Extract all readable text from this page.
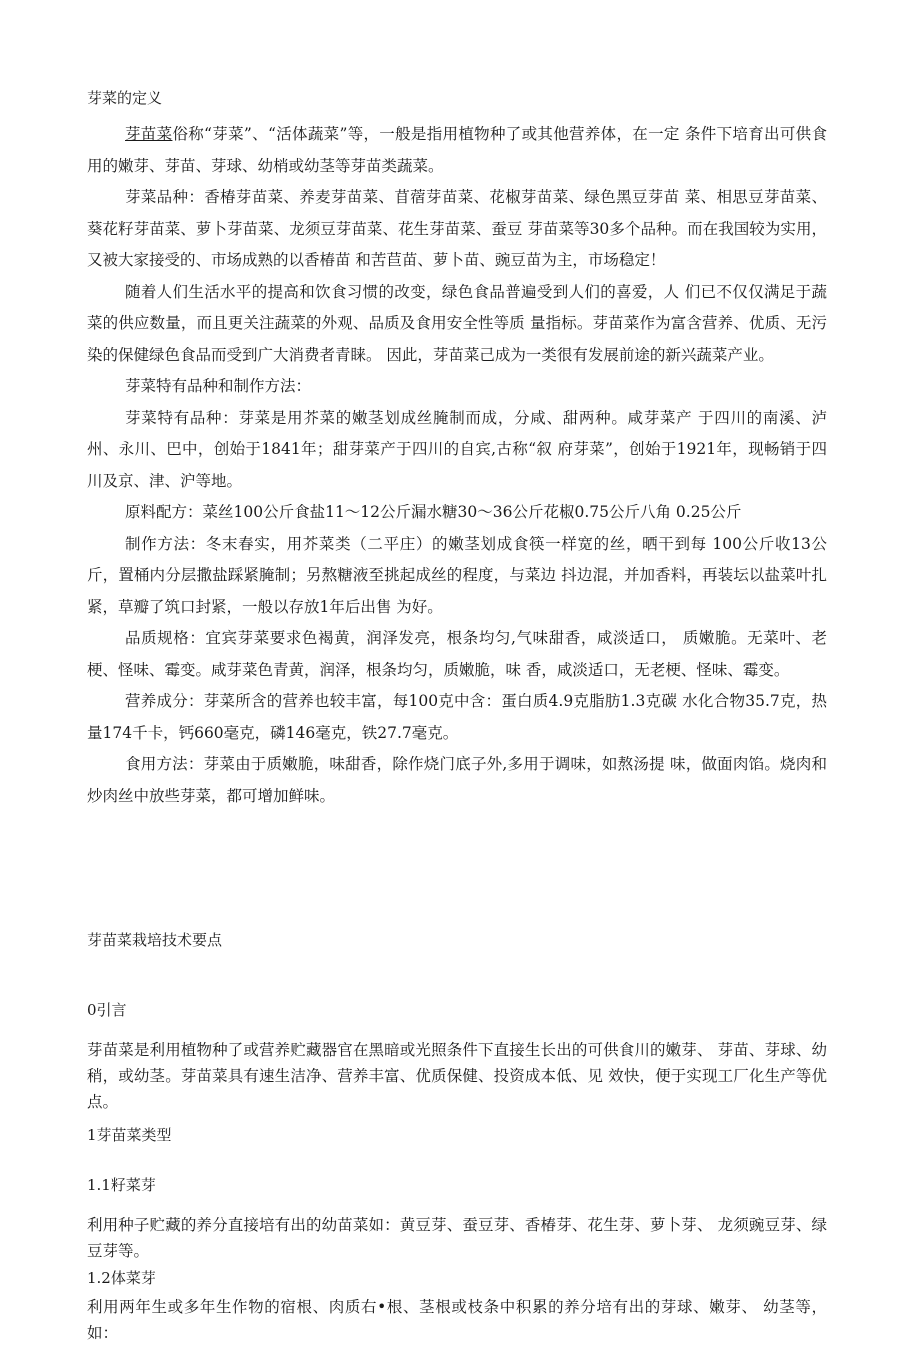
芽菜的定义

芽苗菜俗称“芽菜”、“活体蔬菜”等，一般是指用植物种了或其他营养体，在一定 条件下培育出可供食用的嫩芽、芽苗、芽球、幼梢或幼茎等芽苗类蔬菜。

芽菜品种：香椿芽苗菜、养麦芽苗菜、苜蓿芽苗菜、花椒芽苗菜、绿色黑豆芽苗 菜、相思豆芽苗菜、葵花籽芽苗菜、萝卜芽苗菜、龙须豆芽苗菜、花生芽苗菜、蚕豆 芽苗菜等30多个品种。而在我国较为实用，又被大家接受的、市场成熟的以香椿苗 和苦苣苗、萝卜苗、豌豆苗为主，市场稳定！

随着人们生活水平的提高和饮食习惯的改变，绿色食品普遍受到人们的喜爱，人 们已不仅仅满足于蔬菜的供应数量，而且更关注蔬菜的外观、品质及食用安全性等质 量指标。芽苗菜作为富含营养、优质、无污染的保健绿色食品而受到广大消费者青睐。 因此，芽苗菜己成为一类很有发展前途的新兴蔬菜产业。

芽菜特有品种和制作方法：

芽菜特有品种：芽菜是用芥菜的嫩茎划成丝腌制而成，分咸、甜两种。咸芽菜产 于四川的南溪、泸州、永川、巴中，创始于1841年；甜芽菜产于四川的自宾,古称“叙 府芽菜”，创始于1921年，现畅销于四川及京、津、沪等地。

原料配方：菜丝100公斤食盐11～12公斤漏水糖30～36公斤花椒0.75公斤八角 0.25公斤

制作方法：冬末春实，用芥菜类（二平庄）的嫩茎划成食筷一样宽的丝，晒干到每 100公斤收13公斤，置桶内分层撒盐踩紧腌制；另熬糖液至挑起成丝的程度，与菜边 抖边混，并加香料，再装坛以盐菜叶扎紧，草瓣了筑口封紧，一般以存放1年后出售 为好。

品质规格：宜宾芽菜要求色褐黄，润泽发亮，根条均匀,气味甜香，咸淡适口， 质嫩脆。无菜叶、老梗、怪味、霉变。咸芽菜色青黄，润泽，根条均匀，质嫩脆，味 香，咸淡适口，无老梗、怪味、霉变。

营养成分：芽菜所含的营养也较丰富，每100克中含：蛋白质4.9克脂肪1.3克碳 水化合物35.7克，热量174千卡，钙660毫克，磷146毫克，铁27.7毫克。

食用方法：芽菜由于质嫩脆，味甜香，除作烧门底子外,多用于调味，如熬汤提 味，做面肉馅。烧肉和炒肉丝中放些芽菜，都可增加鲜味。

芽苗菜栽培技术要点

0引言

芽苗菜是利用植物种了或营养贮藏器官在黑暗或光照条件下直接生长出的可供食川的嫩芽、 芽苗、芽球、幼稍，或幼茎。芽苗菜具有速生洁净、营养丰富、优质保健、投资成本低、见 效快，便于实现工厂化生产等优点。

1芽苗菜类型

1.1籽菜芽

利用种子贮藏的养分直接培有出的幼苗菜如：黄豆芽、蚕豆芽、香椿芽、花生芽、萝卜芽、 龙须豌豆芽、绿豆芽等。

1.2体菜芽

利用两年生或多年生作物的宿根、肉质右•根、茎根或枝条中积累的养分培有出的芽球、嫩芽、 幼茎等，如：
